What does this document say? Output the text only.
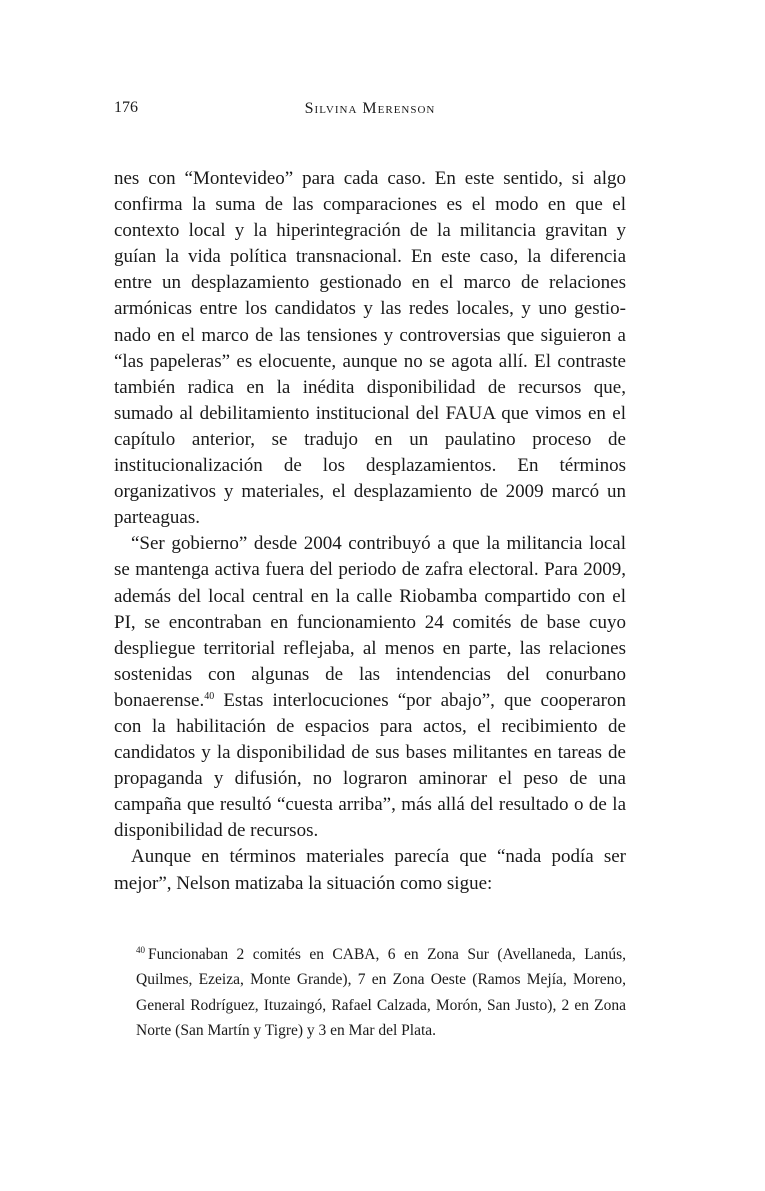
176	Silvina Merenson

nes con “Montevideo” para cada caso. En este sentido, si algo confirma la suma de las comparaciones es el modo en que el contexto local y la hiperintegración de la militancia gravitan y guían la vida política transnacional. En este caso, la diferencia entre un desplazamiento gestionado en el marco de relaciones armónicas entre los candidatos y las redes locales, y uno gestionado en el marco de las tensiones y controversias que siguieron a “las papeleras” es elocuente, aunque no se agota allí. El contraste también radica en la inédita disponibilidad de recursos que, sumado al debilitamiento institucional del FAUA que vimos en el capítulo anterior, se tradujo en un paulatino proceso de institucionalización de los desplazamientos. En términos organizativos y materiales, el desplazamiento de 2009 marcó un parteaguas.

“Ser gobierno” desde 2004 contribuyó a que la militancia local se mantenga activa fuera del periodo de zafra electoral. Para 2009, además del local central en la calle Riobamba compartido con el PI, se encontraban en funcionamiento 24 comités de base cuyo despliegue territorial reflejaba, al menos en parte, las relaciones sostenidas con algunas de las intendencias del conurbano bonaerense.$^{40}$ Estas interlocuciones “por abajo”, que cooperaron con la habilitación de espacios para actos, el recibimiento de candidatos y la disponibilidad de sus bases militantes en tareas de propaganda y difusión, no lograron aminorar el peso de una campaña que resultó “cuesta arriba”, más allá del resultado o de la disponibilidad de recursos.

Aunque en términos materiales parecía que “nada podía ser mejor”, Nelson matizaba la situación como sigue:

$^{40}$ Funcionaban 2 comités en CABA, 6 en Zona Sur (Avellaneda, Lanús, Quilmes, Ezeiza, Monte Grande), 7 en Zona Oeste (Ramos Mejía, Moreno, General Rodríguez, Ituzaingó, Rafael Calzada, Morón, San Justo), 2 en Zona Norte (San Martín y Tigre) y 3 en Mar del Plata.
